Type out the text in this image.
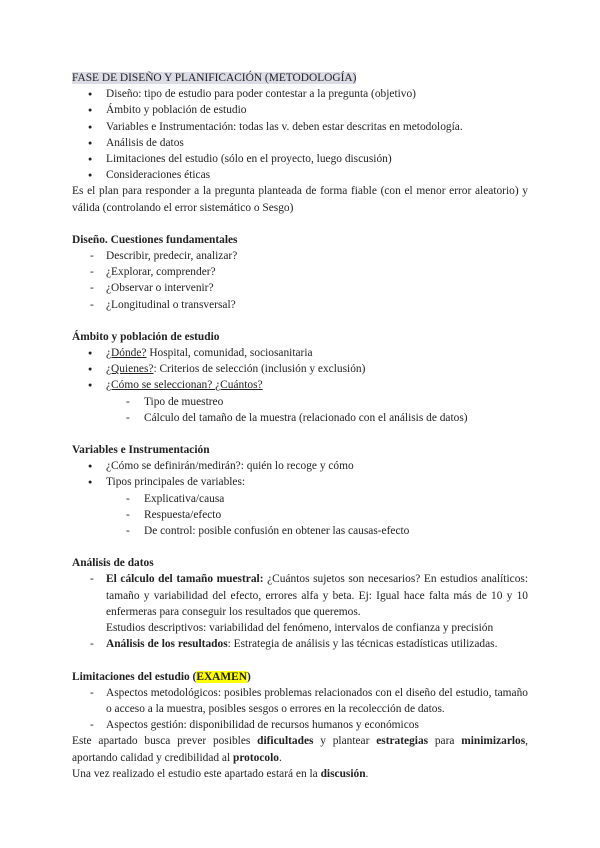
FASE DE DISEÑO Y PLANIFICACIÓN (METODOLOGÍA)
● Diseño: tipo de estudio para poder contestar a la pregunta (objetivo)
● Ámbito y población de estudio
● Variables e Instrumentación: todas las v. deben estar descritas en metodología.
● Análisis de datos
● Limitaciones del estudio (sólo en el proyecto, luego discusión)
● Consideraciones éticas

Es el plan para responder a la pregunta planteada de forma fiable (con el menor error aleatorio) y válida (controlando el error sistemático o Sesgo)

Diseño. Cuestiones fundamentales

- Describir, predecir, analizar?
- ¿Explorar, comprender?
- ¿Observar o intervenir?
- ¿Longitudinal o transversal?

Ámbito y población de estudio

● ¿Dónde? Hospital, comunidad, sociosanitaria
● ¿Quienes?: Criterios de selección (inclusión y exclusión)
● ¿Cómo se seleccionan? ¿Cuántos?
- Tipo de muestreo
- Cálculo del tamaño de la muestra (relacionado con el análisis de datos)

Variables e Instrumentación

● ¿Cómo se definirán/medirán?: quién lo recoge y cómo
● Tipos principales de variables:
- Explicativa/causa
- Respuesta/efecto
- De control: posible confusión en obtener las causas-efecto

Análisis de datos

- El cálculo del tamaño muestral: ¿Cuántos sujetos son necesarios? En estudios analíticos: tamaño y variabilidad del efecto, errores alfa y beta. Ej: Igual hace falta más de 10 y 10 enfermeras para conseguir los resultados que queremos.
Estudios descriptivos: variabilidad del fenómeno, intervalos de confianza y precisión
- Análisis de los resultados: Estrategia de análisis y las técnicas estadísticas utilizadas.

Limitaciones del estudio (EXAMEN)

- Aspectos metodológicos: posibles problemas relacionados con el diseño del estudio, tamaño o acceso a la muestra, posibles sesgos o errores en la recolección de datos.
- Aspectos gestión: disponibilidad de recursos humanos y económicos

Este apartado busca prever posibles dificultades y plantear estrategias para minimizarlos, aportando calidad y credibilidad al protocolo.

Una vez realizado el estudio este apartado estará en la discusión.
